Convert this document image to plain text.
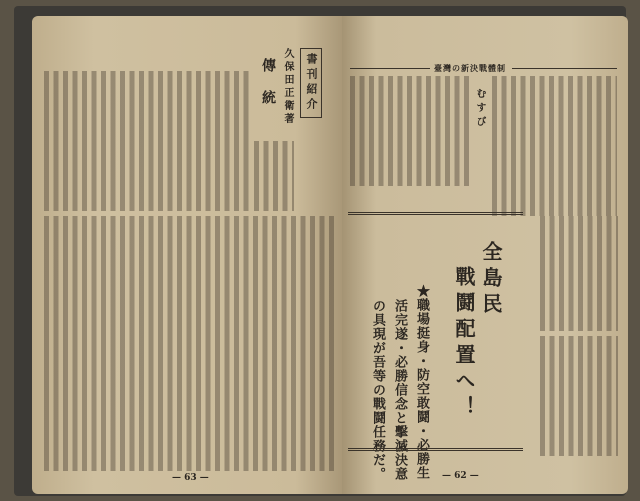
書刊紹介
久保田正衛著
傳統
— 63 —
臺灣の新決戰體制
むすび
全島民
戰鬪配置へ！
★職場挺身・防空敢鬪・必勝生
活完遂・必勝信念と擊滅決意
の具現が吾等の戰鬪任務だ。	— 62 —
